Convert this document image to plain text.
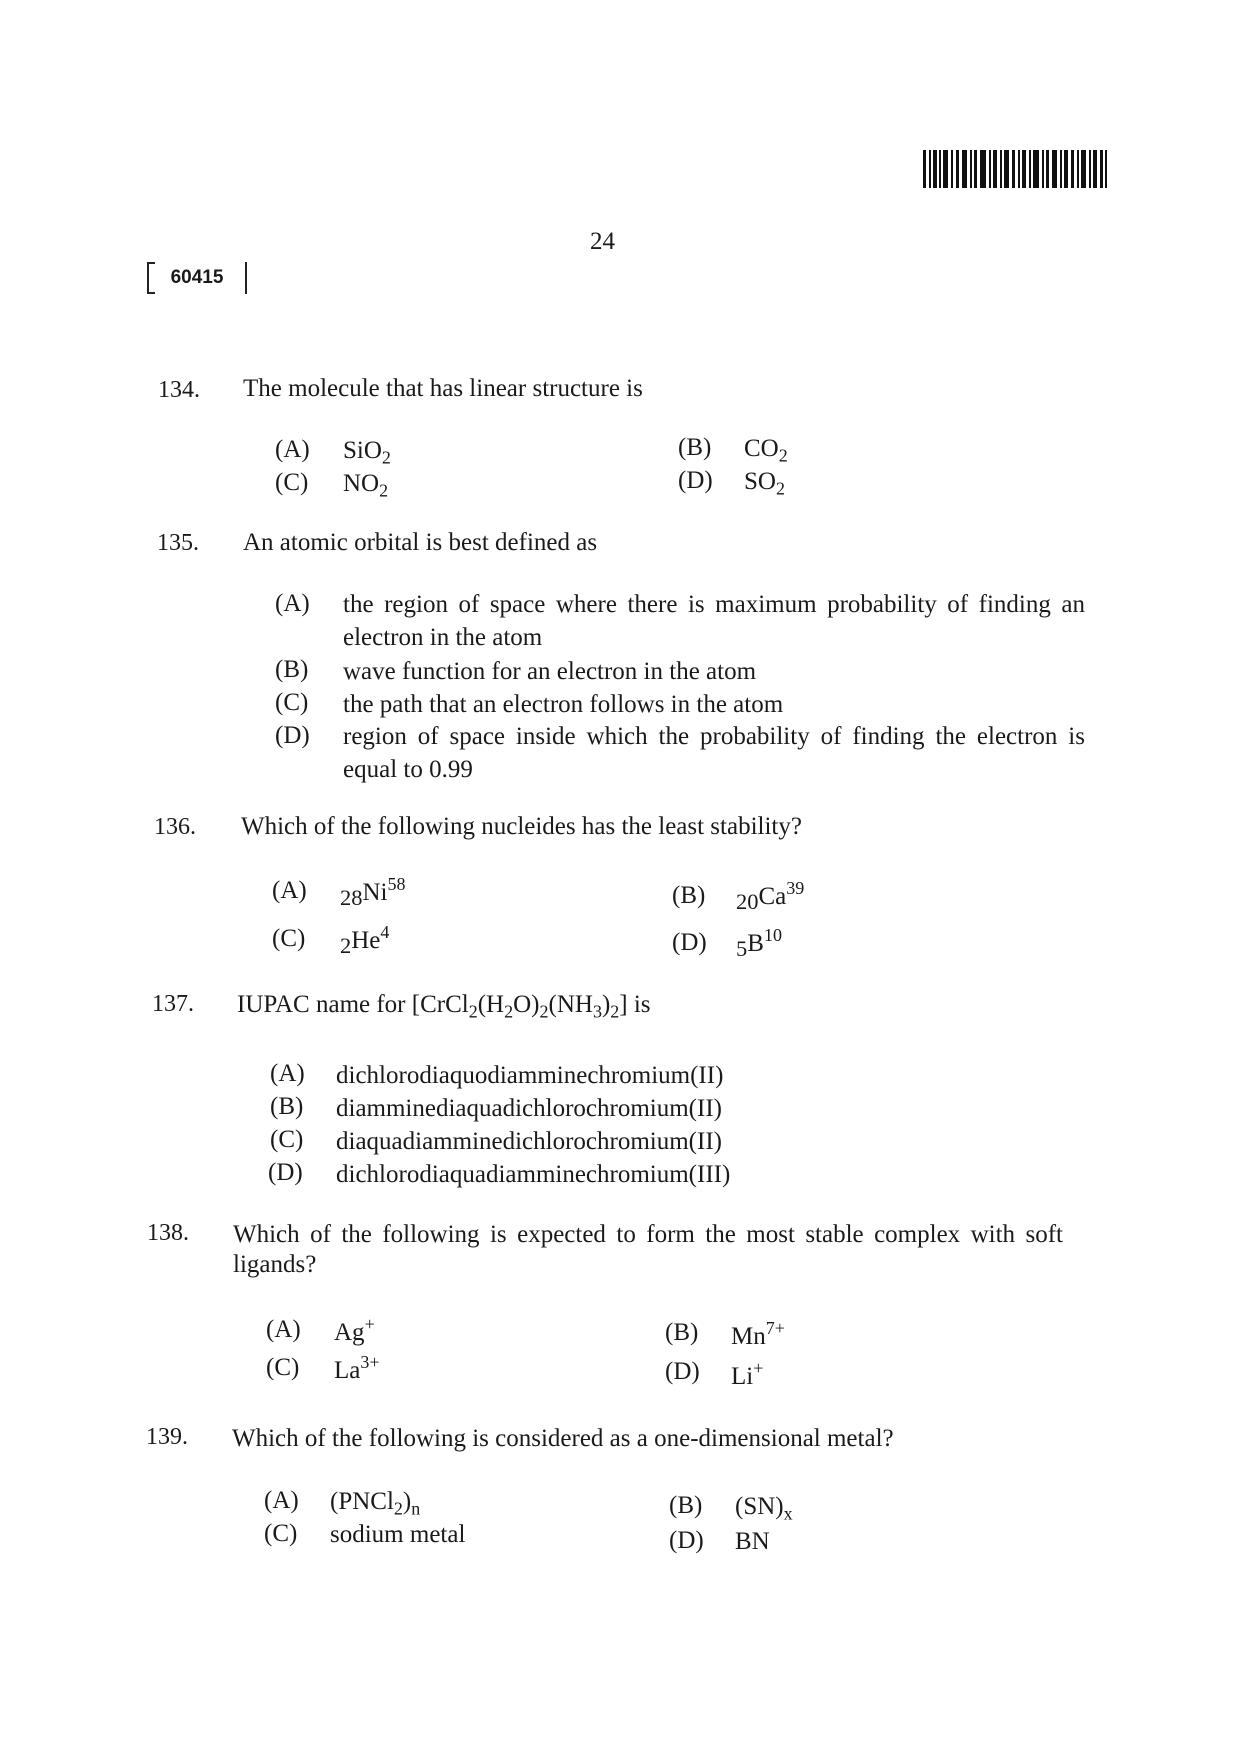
24
60415
134. The molecule that has linear structure is
(A) SiO$_2$	(B) $CO_2$
(C) $NO_2$	(D) $SO_2$
135. An atomic orbital is best defined as
(A) the region of space where there is maximum probability of finding an electron in the atom
(B) wave function for an electron in the atom
(C) the path that an electron follows in the atom
(D) region of space inside which the probability of finding the electron is equal to 0.99
136. Which of the following nucleides has the least stability?
(A) 28Ni$^{58}$	(B) 20Ca$^{39}$
(C) 2He$^4$	(D) $5B^{10}$
137. IUPAC name for $[CrCl_2(H_2O)_2(NH_3)_2]$ is
(A) dichlorodiaquodiamminechromium(II)
(B) diamminediaquadichlorochromium(II)
(C) diaquadiamminedichlorochromium(II)
(D) dichlorodiaquadiamminechromium(III)
138. Which of the following is expected to form the most stable complex with soft ligands?
(A) Ag+	(B) $Mn^{7+}$
(C) $La^{3+}$	(D) Li+
139. Which of the following is considered as a one-dimensional metal?
(A) $(PNCl_2)_n$	(B) $(SN)_x$
(C) sodium metal	(D) BN
